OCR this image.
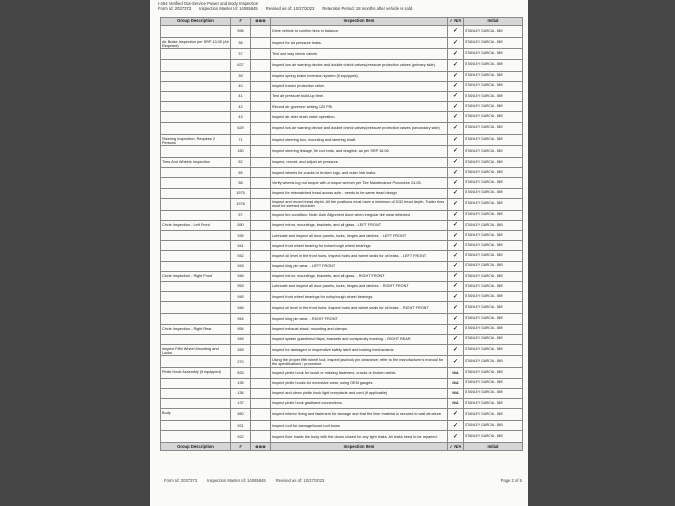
I-254 Verified Out-Service Power and Body Inspection
Form Id: 2037373 Inspection Master Id: 14065845 Revised as of: 10/27/2023 Retention Period: 18 months after vehicle is sold.
Group Description	#	⊗⊗⊗	Inspection Item	✓ N/A	Initial
	596		Drive vehicle to confirm tires in balance.	✓	STANLEY GARCIA - 869
Air Brake Inspection per SRP 13.05 (Air Required)	36		Inspect for air pressure leaks.	✓	STANLEY GARCIA - 869
	37		Test one way check valves.	✓	STANLEY GARCIA - 869
	627		Inspect low air warning device and double check valves/pressure protection valves (primary side).	✓	STANLEY GARCIA - 869
	39		Inspect spring brake inversion system (if equipped).	✓	STANLEY GARCIA - 869
	40		Inspect tractor protection valve.	✓	STANLEY GARCIA - 869
	41		Test air pressure build-up time.	✓	STANLEY GARCIA - 869
	42		Record air governor setting 120 PSI	✓	STANLEY GARCIA - 869
	43		Inspect air drier drain valve operation.	✓	STANLEY GARCIA - 869
	629		Inspect low air warning device and double check valves/pressure protection valves (secondary side)	✓	STANLEY GARCIA - 869
Steering Inspection: Requires 2 Persons	71		Inspect steering box, mounting and steering shaft.	✓	STANLEY GARCIA - 869
	150		Inspect steering linkage, tie rod ends, and draglink, as per SRP 16.06.	✓	STANLEY GARCIA - 869
Tires And Wheels Inspection	52		Inspect, record, and adjust air pressure.	✓	STANLEY GARCIA - 869
	55		Inspect wheels for cracks or broken lugs, and outer hub leaks.	✓	STANLEY GARCIA - 869
	58		Verify wheels lug nut torque with a torque wrench per Tire Maintenance Procedure 24.05.	✓	STANLEY GARCIA - 869
	1975		Inspect for mismatched tread across axle - needs to be same tread design	✓	STANLEY GARCIA - 869
	1976		Inspect and record tread depth. All tire positions must have a minimum of 5/32 tread depth. Trailer tires must be steered shoulder.	✓	STANLEY GARCIA - 869
	57		Inspect tire condition. Note: Axle Alignment done when irregular tire wear detected	✓	STANLEY GARCIA - 869
Circle Inspection - Left Front	590		Inspect mirror, mountings, brackets, and all glass - LEFT FRONT	✓	STANLEY GARCIA - 869
	939		Lubricate and inspect all door panels, locks, hinges and latches. - LEFT FRONT	✓	STANLEY GARCIA - 869
	941		Inspect front wheel bearing for noise/rough wheel bearings	✓	STANLEY GARCIA - 869
	942		Inspect oil level in the front hubs. Inspect hubs and wheel seals for oil leaks. - LEFT FRONT	✓	STANLEY GARCIA - 869
	943		Inspect king pin wear. - LEFT FRONT	✓	STANLEY GARCIA - 869
Circle Inspection - Right Front	946		Inspect mirror, mountings, brackets, and all glass. - RIGHT FRONT	✓	STANLEY GARCIA - 869
	953		Lubricate and inspect all door panels, locks, hinges and latches. - RIGHT FRONT	✓	STANLEY GARCIA - 869
	945		Inspect front wheel bearings for noisy/rough wheel bearings.	✓	STANLEY GARCIA - 869
	946		Inspect oil level in the front hubs. Inspect hubs and wheel seals for oil leaks. - RIGHT FRONT	✓	STANLEY GARCIA - 869
	944		Inspect king pin wear. - RIGHT FRONT	✓	STANLEY GARCIA - 869
Circle Inspection - Right Rear	954		Inspect exhaust stack, mounting and clamps.	✓	STANLEY GARCIA - 869
	949		Inspect splash guard/mud flaps, brackets and conspicuity marking. - RIGHT REAR	✓	STANLEY GARCIA - 869
Inspect Fifth Wheel Mounting and Locks	269		Inspect for damaged or inoperative safety latch and locking mechanisms	✓	STANLEY GARCIA - 869
	270		Using the proper fifth wheel tool, inspect jaw/lock pin clearance; refer to the manufacturer's manual for the specifications / procedure.	✓	STANLEY GARCIA - 869
Pintle Hook Assembly (if equipped)	833		Inspect pintle hook for loose or missing fasteners, cracks or broken welds.	N/A	STANLEY GARCIA - 869
	135		Inspect pintle hooks for excessive wear, using OEM gauges.	N/A	STANLEY GARCIA - 869
	136		Inspect and clean pintle hook light receptacle and cord (if applicable)	N/A	STANLEY GARCIA - 869
	137		Inspect pintle hook gladhand connections.	N/A	STANLEY GARCIA - 869
Body	560		Inspect interior lining and fasteners for damage and that the liner material is secured to wall structure.	✓	STANLEY GARCIA - 869
	921		Inspect roof for damage/loose roof bows	✓	STANLEY GARCIA - 869
	922		Inspect floor inside the body with the doors closed for any light leaks. All leaks need to be repaired.	✓	STANLEY GARCIA - 869
Group Description	#	⊗⊗⊗	Inspection Item	✓ N/A	Initial
Form Id: 2037373 Inspection Master Id: 14065845 Revised as of: 10/27/2023	Page 2 of 5
